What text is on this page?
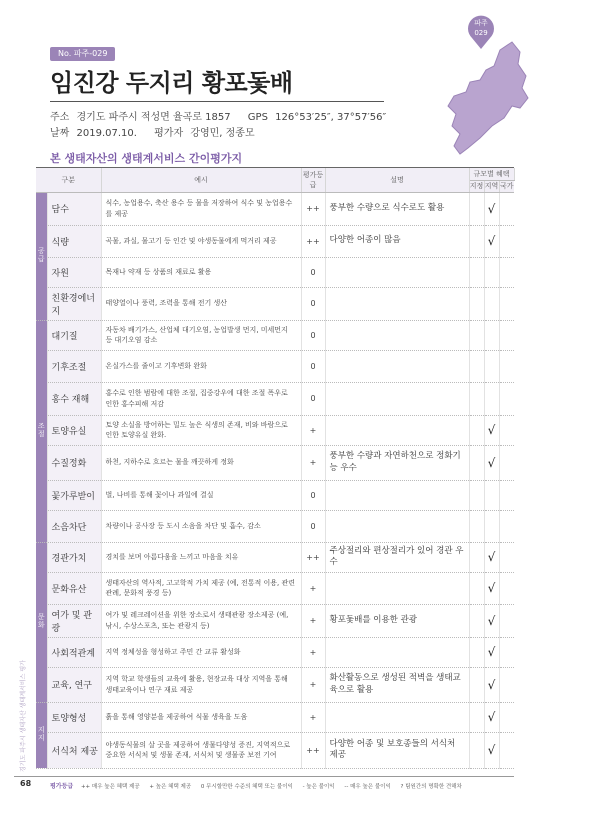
파주
029
No. 파주-029
임진강 두지리 황포돛배
주소 경기도 파주시 적성면 율곡로 1857 GPS 126°53′25″, 37°57′56″
날짜 2019.07.10. 평가자 강영민, 정종모
본 생태자산의 생태계서비스 간이평가지
구분		예시	평가등급	설명	규모별 혜택		
					지정	지역	국가
공급	담수	식수, 농업용수, 축산 용수 등 물을 저장하여 식수 및 농업용수를 제공	++	풍부한 수량으로 식수로도 활용		√	
	식량	곡물, 과실, 물고기 등 인간 및 야생동물에게 먹거리 제공	++	다양한 어종이 많음		√	
	자원	목재나 약재 등 상품의 재료로 활용	0				
	친환경에너지	태양열이나 풍력, 조력을 통해 전기 생산	0				
조절	대기질	자동차 배기가스, 산업체 대기오염, 농업발생 먼지, 미세먼지 등 대기오염 감소	0				
	기후조절	온실가스를 줄이고 기후변화 완화	0				
	홍수 재해	홍수로 인한 범람에 대한 조절, 집중강우에 대한 조절 폭우로 인한 홍수피해 저감	0				
	토양유실	토양 소실을 방어하는 밀도 높은 식생의 존재, 비와 바람으로 인한 토양유실 완화.	+			√	
	수질정화	하천, 지하수로 흐르는 물을 깨끗하게 정화	+	풍부한 수량과 자연하천으로 정화기능 우수		√	
	꽃가루받이	벌, 나비를 통해 꽃이나 과일에 결실	0				
	소음차단	차량이나 공사장 등 도시 소음을 차단 및 흡수, 감소	0				
문화	경관가치	경치를 보며 아름다움을 느끼고 마음을 치유	++	주상절리와 편상절리가 있어 경관 우수		√	
	문화유산	생태자산의 역사적, 고고학적 가치 제공 (예, 전통적 이용, 관련 관례, 문화적 풍경 등)	+			√	
	여가 및 관광	여가 및 레크레이션을 위한 장소로서 생태관광 장소제공 (예, 낚시, 수상스포츠, 또는 관광지 등)	+	황포돛배를 이용한 관광		√	
	사회적관계	지역 정체성을 형성하고 주민 간 교류 활성화	+			√	
	교육, 연구	지역 학교 학생들의 교육에 활용, 현장교육 대상 지역을 통해 생태교육이나 연구 재료 제공	+	화산활동으로 생성된 적벽을 생태교육으로 활용		√	
지지	토양형성	흙을 통해 영양분을 제공하여 식물 생육을 도움	+			√	
	서식처 제공	야생동식물의 살 곳을 제공하여 생물다양성 증진, 지역적으로 중요한 서식처 및 생물 존재, 서식처 및 생물종 보전 기여	++	다양한 어종 및 보호종들의 서식처 제공		√	
경기도 파주시 생태자산 생태계서비스 평가
68	평가등급 ++ 매우 높은 혜택 제공 + 높은 혜택 제공 0 무시할만한 수준의 혜택 또는 불이익 - 높은 불이익 -- 매우 높은 불이익 ? 팀원간의 명확한 견해차
